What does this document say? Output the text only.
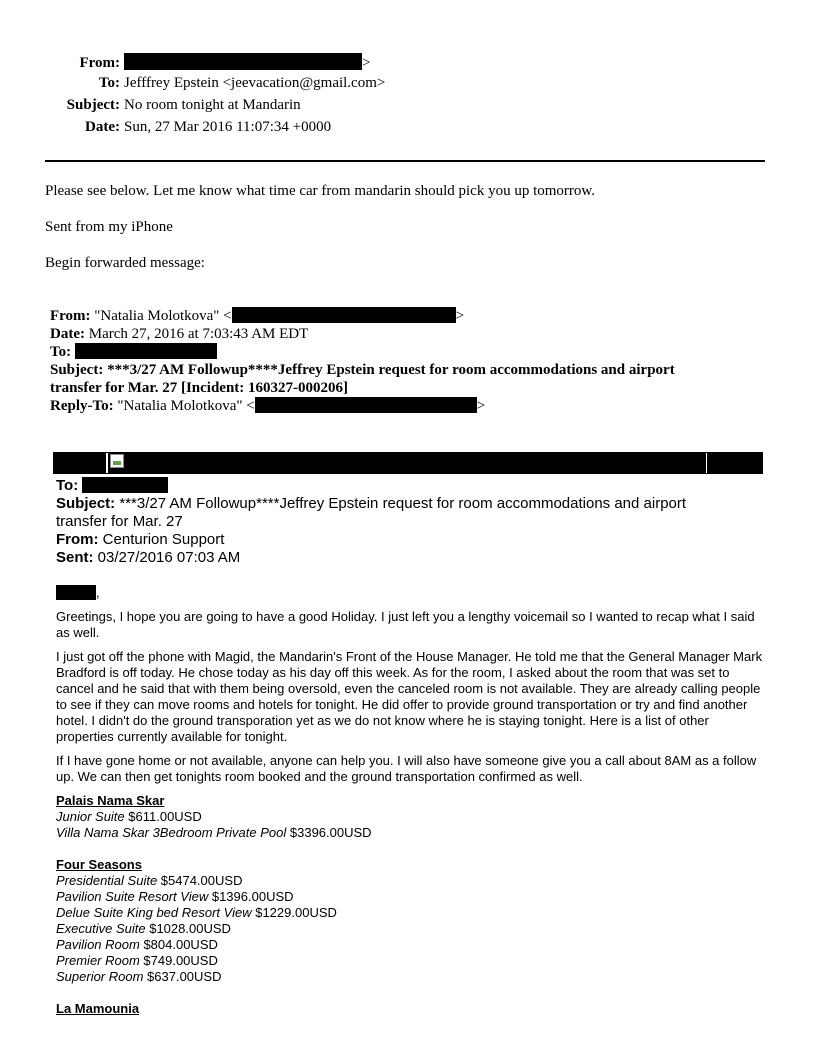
From:	>
To: Jefffrey Epstein <jeevacation@gmail.com>
Subject: No room tonight at Mandarin
Date: Sun, 27 Mar 2016 11:07:34 +0000
Please see below. Let me know what time car from mandarin should pick you up tomorrow.
Sent from my iPhone
Begin forwarded message:
From: "Natalia Molotkova" <	>
Date: March 27, 2016 at 7:03:43 AM EDT
To:
Subject: ***3/27 AM Followup****Jeffrey Epstein request for room accommodations and airport
transfer for Mar. 27 [Incident: 160327-000206]
Reply-To: "Natalia Molotkova" <	>
To:
Subject: ***3/27 AM Followup****Jeffrey Epstein request for room accommodations and airport
transfer for Mar. 27
From: Centurion Support
Sent: 03/27/2016 07:03 AM
,
Greetings, I hope you are going to have a good Holiday. I just left you a lengthy voicemail so I wanted to recap what I said as well.
I just got off the phone with Magid, the Mandarin's Front of the House Manager. He told me that the General Manager Mark Bradford is off today. He chose today as his day off this week. As for the room, I asked about the room that was set to cancel and he said that with them being oversold, even the canceled room is not available. They are already calling people to see if they can move rooms and hotels for tonight. He did offer to provide ground transportation or try and find another hotel. I didn't do the ground transporation yet as we do not know where he is staying tonight. Here is a list of other properties currently available for tonight.
If I have gone home or not available, anyone can help you. I will also have someone give you a call about 8AM as a follow up. We can then get tonights room booked and the ground transportation confirmed as well.
Palais Nama Skar
Junior Suite $611.00USD
Villa Nama Skar 3Bedroom Private Pool $3396.00USD
Four Seasons
Presidential Suite $5474.00USD
Pavilion Suite Resort View $1396.00USD
Delue Suite King bed Resort View $1229.00USD
Executive Suite $1028.00USD
Pavilion Room $804.00USD
Premier Room $749.00USD
Superior Room $637.00USD
La Mamounia
